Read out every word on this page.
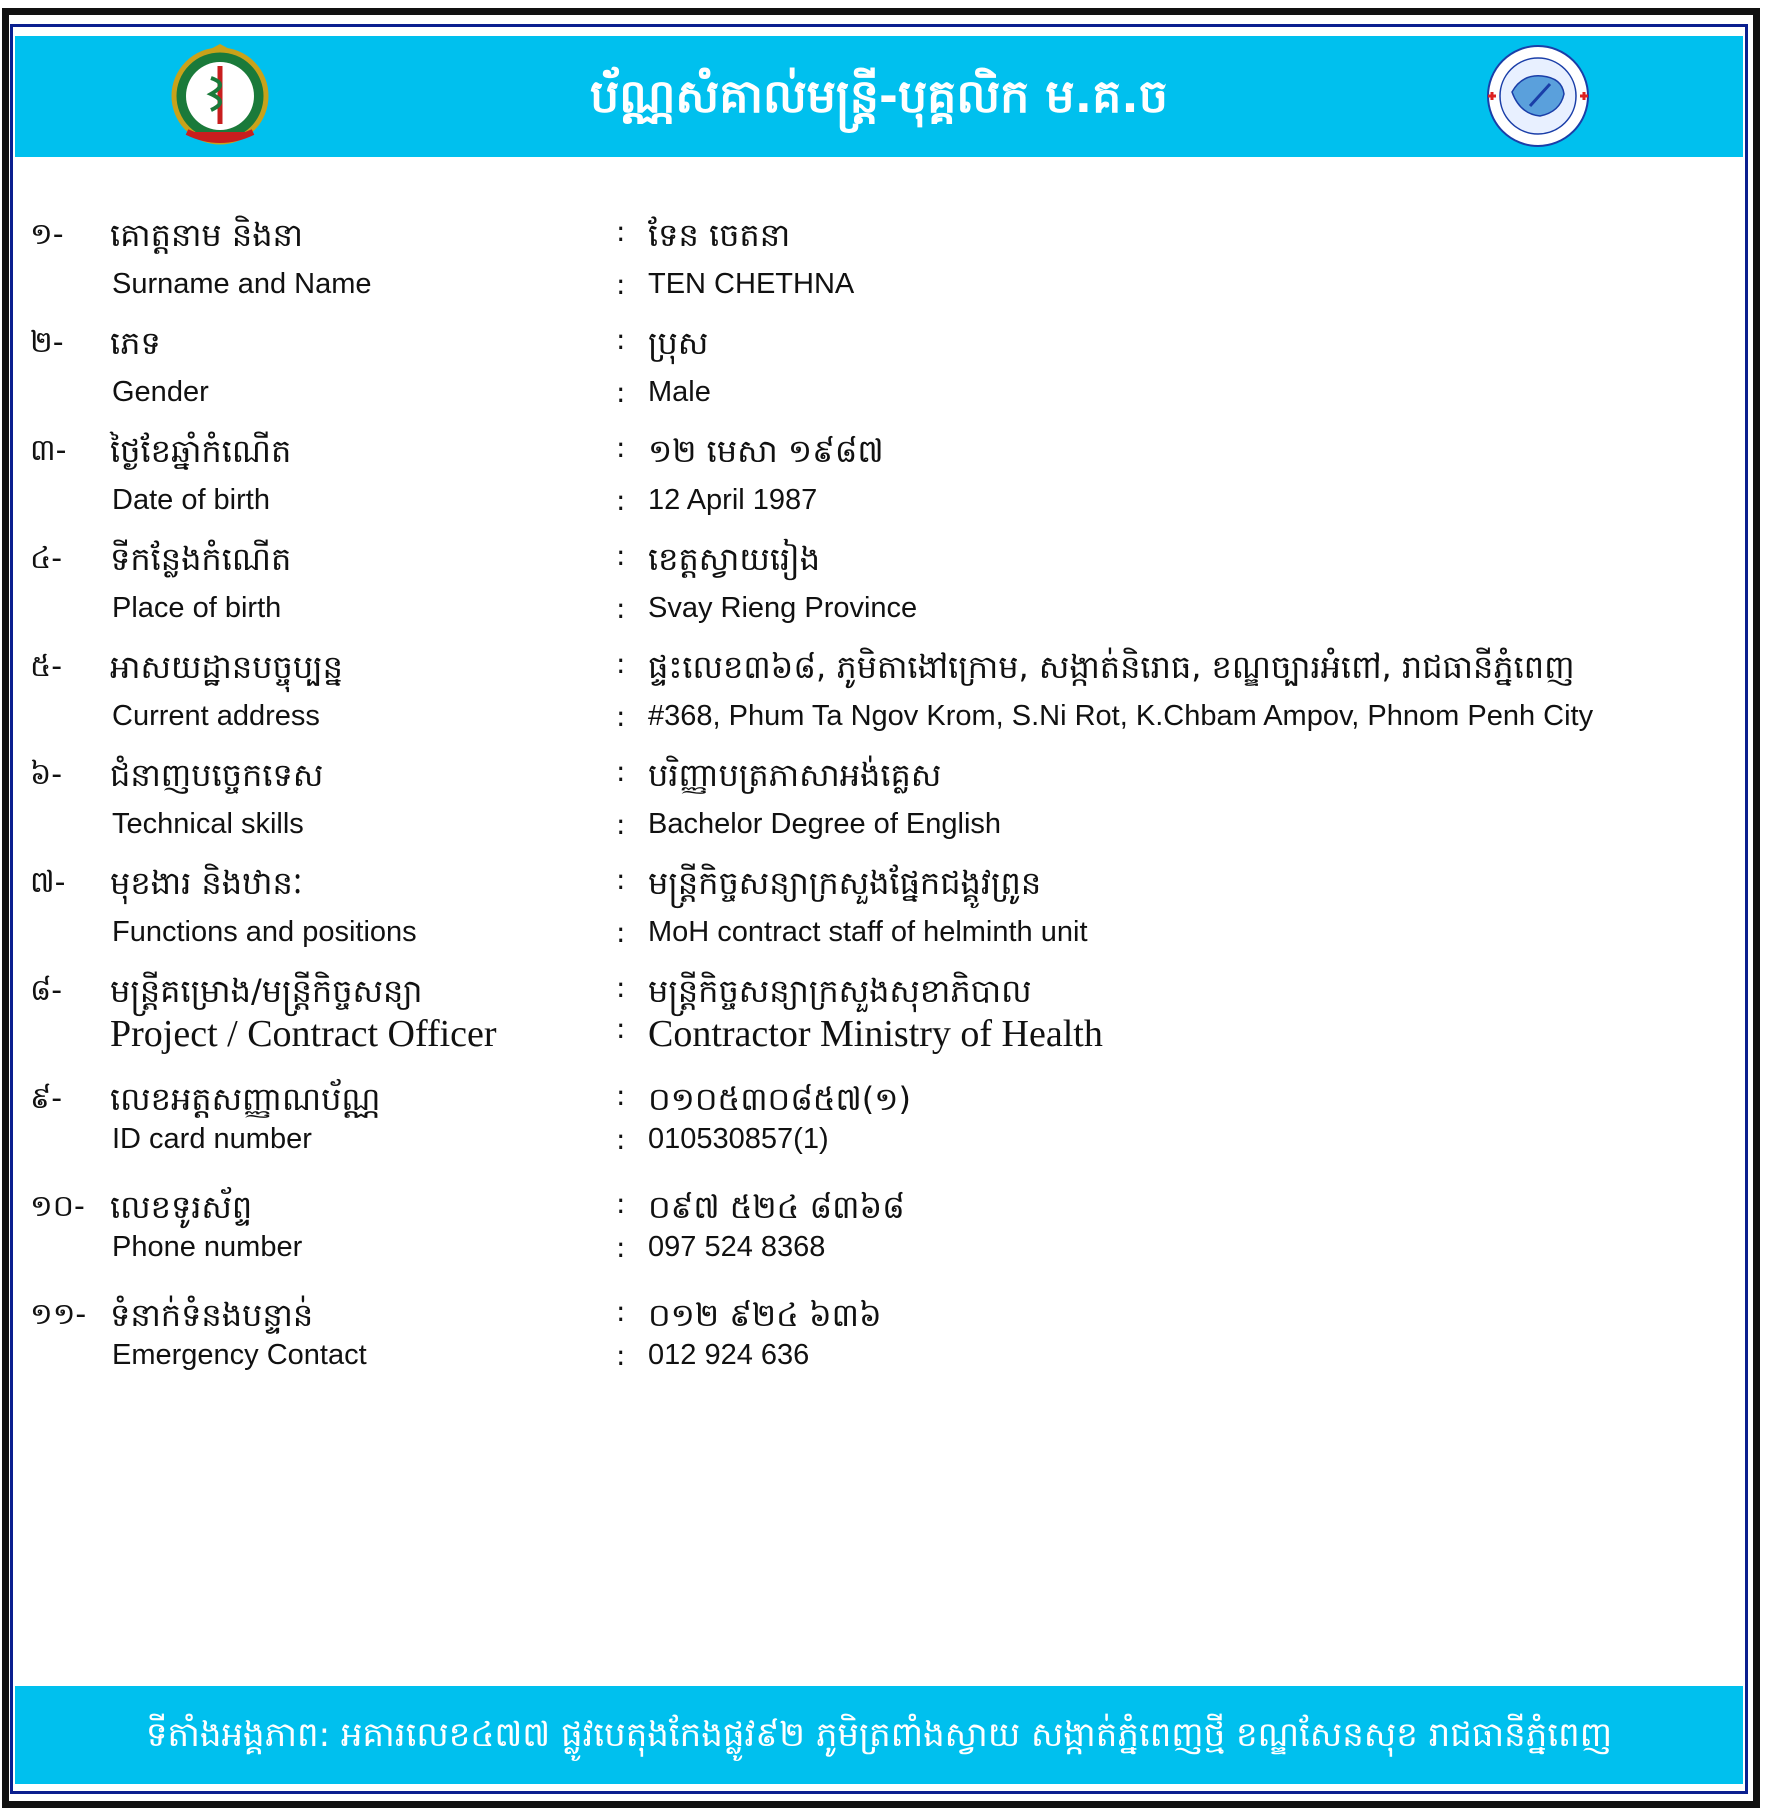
ប័ណ្ណសំគាល់មន្ត្រី-បុគ្គលិក ម.គ.ច
១- គោត្តនាម និងនា	: ទែន ចេតនា
Surname and Name	: TEN CHETHNA
២- ភេទ	: ប្រុស
Gender	: Male
៣- ថ្ងៃខែឆ្នាំកំណើត	: ១២ មេសា ១៩៨៧
Date of birth	: 12 April 1987
៤- ទីកន្លែងកំណើត	: ខេត្តស្វាយរៀង
Place of birth	: Svay Rieng Province
៥- អាសយដ្ឋានបច្ចុប្បន្ន	: ផ្ទះលេខ៣៦៨, ភូមិតាងៅក្រោម, សង្កាត់និរោធ, ខណ្ឌច្បារអំពៅ, រាជធានីភ្នំពេញ
Current address	: #368, Phum Ta Ngov Krom, S.Ni Rot, K.Chbam Ampov, Phnom Penh City
៦- ជំនាញបច្ចេកទេស	: បរិញ្ញាបត្រភាសាអង់គ្លេស
Technical skills	: Bachelor Degree of English
៧- មុខងារ និងឋានៈ	: មន្ត្រីកិច្ចសន្យាក្រសួងផ្នែកជង្គូវព្រូន
Functions and positions	: MoH contract staff of helminth unit
៨- មន្ត្រីគម្រោង/មន្ត្រីកិច្ចសន្យា	: មន្ត្រីកិច្ចសន្យាក្រសួងសុខាភិបាល
Project / Contract Officer	: Contractor Ministry of Health
៩- លេខអត្តសញ្ញាណប័ណ្ណ	: ០១០៥៣០៨៥៧(១)
ID card number	: 010530857(1)
១០- លេខទូរស័ព្ទ	: ០៩៧ ៥២៤ ៨៣៦៨
Phone number	: 097 524 8368
១១- ទំនាក់ទំនងបន្ទាន់	: ០១២ ៩២៤ ៦៣៦
Emergency Contact	: 012 924 636
ទីតាំងអង្គភាព: អគារលេខ៤៧៧ ផ្លូវបេតុងកែងផ្លូវ៩២ ភូមិត្រពាំងស្វាយ សង្កាត់ភ្នំពេញថ្មី ខណ្ឌសែនសុខ រាជធានីភ្នំពេញ
